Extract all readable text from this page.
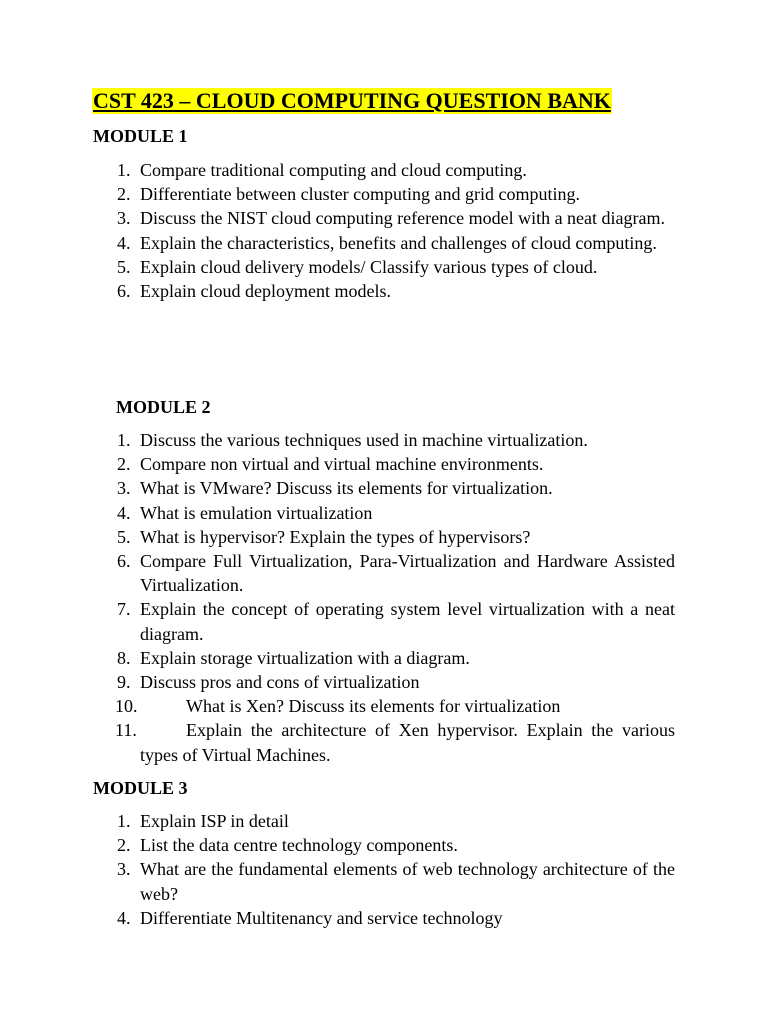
CST 423 – CLOUD COMPUTING QUESTION BANK
MODULE 1
1. Compare traditional computing and cloud computing.
2. Differentiate between cluster computing and grid computing.
3. Discuss the NIST cloud computing reference model with a neat diagram.
4. Explain the characteristics, benefits and challenges of cloud computing.
5. Explain cloud delivery models/ Classify various types of cloud.
6. Explain cloud deployment models.
MODULE 2
1. Discuss the various techniques used in machine virtualization.
2. Compare non virtual and virtual machine environments.
3. What is VMware? Discuss its elements for virtualization.
4. What is emulation virtualization
5. What is hypervisor? Explain the types of hypervisors?
6. Compare Full Virtualization, Para-Virtualization and Hardware Assisted Virtualization.
7. Explain the concept of operating system level virtualization with a neat diagram.
8. Explain storage virtualization with a diagram.
9. Discuss pros and cons of virtualization
10.	What is Xen? Discuss its elements for virtualization
11.	Explain the architecture of Xen hypervisor. Explain the various types of Virtual Machines.
MODULE 3
1. Explain ISP in detail
2. List the data centre technology components.
3. What are the fundamental elements of web technology architecture of the web?
4. Differentiate Multitenancy and service technology
